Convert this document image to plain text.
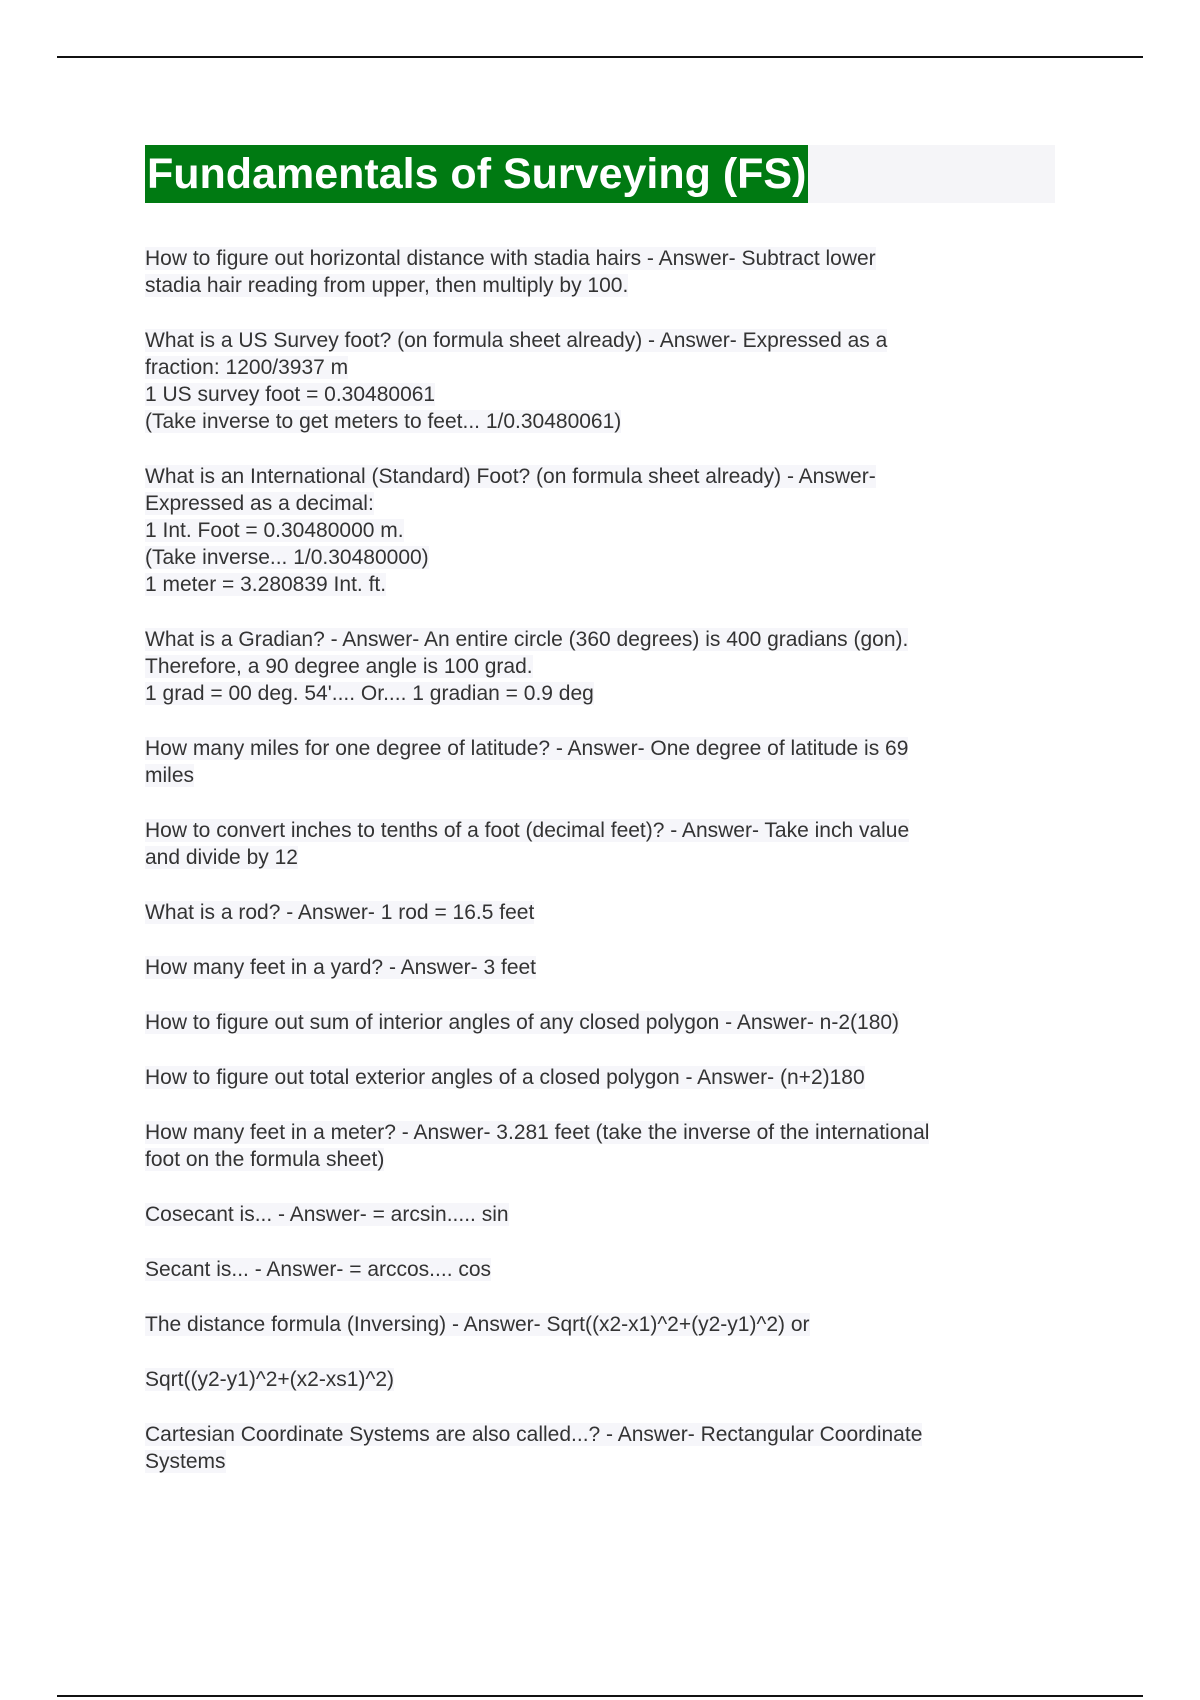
Fundamentals of Surveying (FS)
How to figure out horizontal distance with stadia hairs - Answer- Subtract lower
stadia hair reading from upper, then multiply by 100.
What is a US Survey foot? (on formula sheet already) - Answer- Expressed as a
fraction: 1200/3937 m
1 US survey foot = 0.30480061
(Take inverse to get meters to feet... 1/0.30480061)
What is an International (Standard) Foot? (on formula sheet already) - Answer-
Expressed as a decimal:
1 Int. Foot = 0.30480000 m.
(Take inverse... 1/0.30480000)
1 meter = 3.280839 Int. ft.
What is a Gradian? - Answer- An entire circle (360 degrees) is 400 gradians (gon).
Therefore, a 90 degree angle is 100 grad.
1 grad = 00 deg. 54'.... Or.... 1 gradian = 0.9 deg
How many miles for one degree of latitude? - Answer- One degree of latitude is 69
miles
How to convert inches to tenths of a foot (decimal feet)? - Answer- Take inch value
and divide by 12
What is a rod? - Answer- 1 rod = 16.5 feet
How many feet in a yard? - Answer- 3 feet
How to figure out sum of interior angles of any closed polygon - Answer- n-2(180)
How to figure out total exterior angles of a closed polygon - Answer- (n+2)180
How many feet in a meter? - Answer- 3.281 feet (take the inverse of the international
foot on the formula sheet)
Cosecant is... - Answer- = arcsin..... sin
Secant is... - Answer- = arccos.... cos
The distance formula (Inversing) - Answer- Sqrt((x2-x1)^2+(y2-y1)^2) or
Sqrt((y2-y1)^2+(x2-xs1)^2)
Cartesian Coordinate Systems are also called...? - Answer- Rectangular Coordinate
Systems
